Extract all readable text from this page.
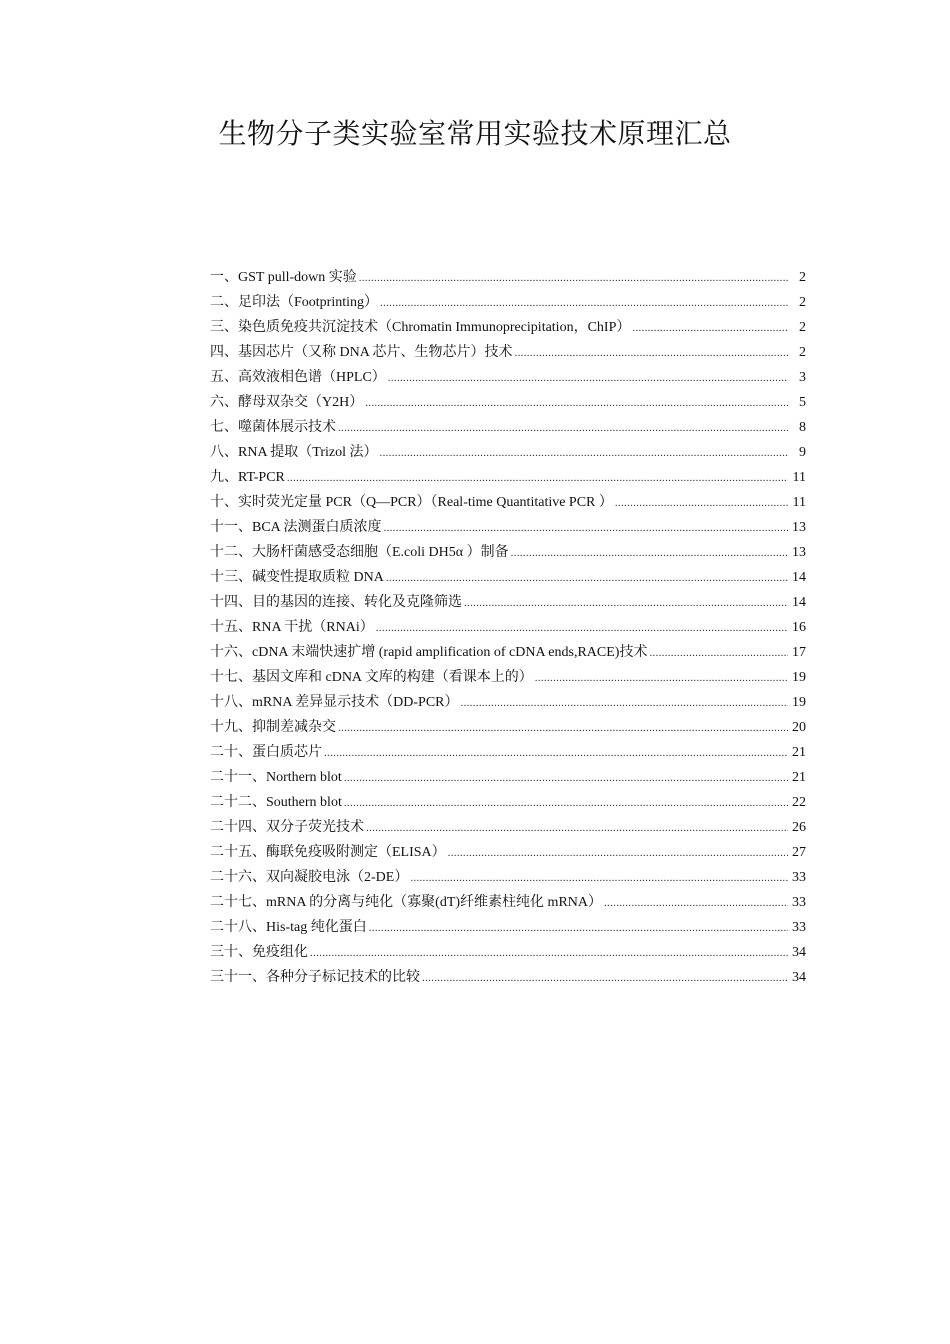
生物分子类实验室常用实验技术原理汇总
一、GST pull-down 实验 .....	2
二、足印法（Footprinting） .....	2
三、染色质免疫共沉淀技术（Chromatin Immunoprecipitation，ChIP） .....	2
四、基因芯片（又称 DNA 芯片、生物芯片）技术 .....	2
五、高效液相色谱（HPLC） .....	3
六、酵母双杂交（Y2H） .....	5
七、噬菌体展示技术 .....	8
八、RNA 提取（Trizol 法） .....	9
九、RT-PCR .....	11
十、实时荧光定量 PCR（Q—PCR）（Real-time Quantitative PCR ） .....	11
十一、BCA 法测蛋白质浓度 .....	13
十二、大肠杆菌感受态细胞（E.coli DH5α ）制备 .....	13
十三、碱变性提取质粒 DNA .....	14
十四、目的基因的连接、转化及克隆筛选 .....	14
十五、RNA 干扰（RNAi） .....	16
十六、cDNA 末端快速扩增 (rapid amplification of cDNA ends,RACE)技术 .....	17
十七、基因文库和 cDNA 文库的构建（看课本上的） .....	19
十八、mRNA 差异显示技术（DD-PCR） .....	19
十九、抑制差减杂交 .....	20
二十、蛋白质芯片 .....	21
二十一、Northern blot .....	21
二十二、Southern blot .....	22
二十四、双分子荧光技术 .....	26
二十五、酶联免疫吸附测定（ELISA） .....	27
二十六、双向凝胶电泳（2-DE） .....	33
二十七、mRNA 的分离与纯化（寡聚(dT)纤维素柱纯化 mRNA） .....	33
二十八、His-tag 纯化蛋白 .....	33
三十、免疫组化 .....	34
三十一、各种分子标记技术的比较 .....	34
